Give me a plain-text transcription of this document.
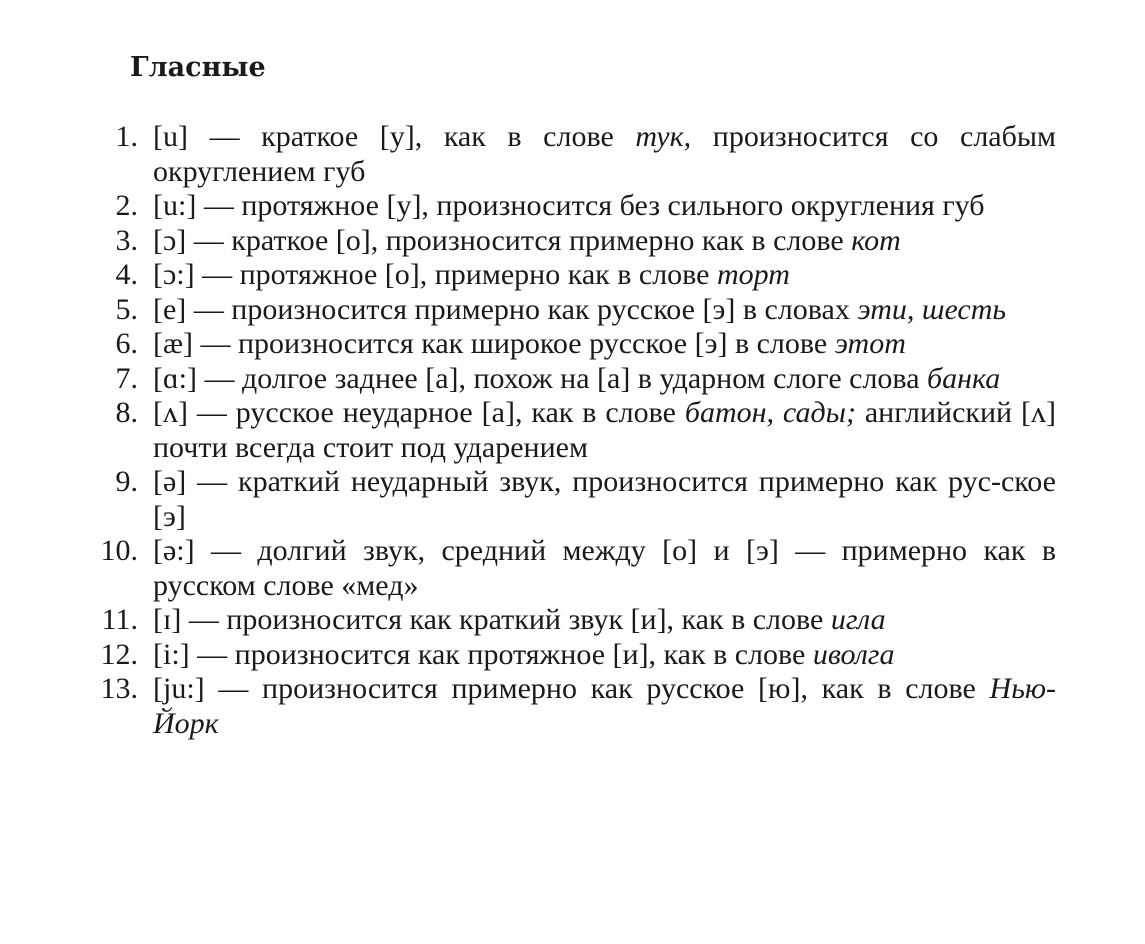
Гласные
1. [u] — краткое [у], как в слове тук, произносится со слабым округлением губ
2. [u:] — протяжное [у], произносится без сильного округления губ
3. [ɔ] — краткое [о], произносится примерно как в слове кот
4. [ɔ:] — протяжное [о], примерно как в слове торт
5. [e] — произносится примерно как русское [э] в словах эти, шесть
6. [æ] — произносится как широкое русское [э] в слове этот
7. [ɑ:] — долгое заднее [а], похож на [а] в ударном слоге слова банка
8. [ʌ] — русское неударное [а], как в слове батон, сады; английский [ʌ] почти всегда стоит под ударением
9. [ə] — краткий неударный звук, произносится примерно как рус-​ское [э]
10. [ə:] — долгий звук, средний между [о] и [э] — примерно как в русском слове «мед»
11. [ɪ] — произносится как краткий звук [и], как в слове игла
12. [i:] — произносится как протяжное [и], как в слове иволга
13. [ju:] — произносится примерно как русское [ю], как в слове Нью-Йорк
